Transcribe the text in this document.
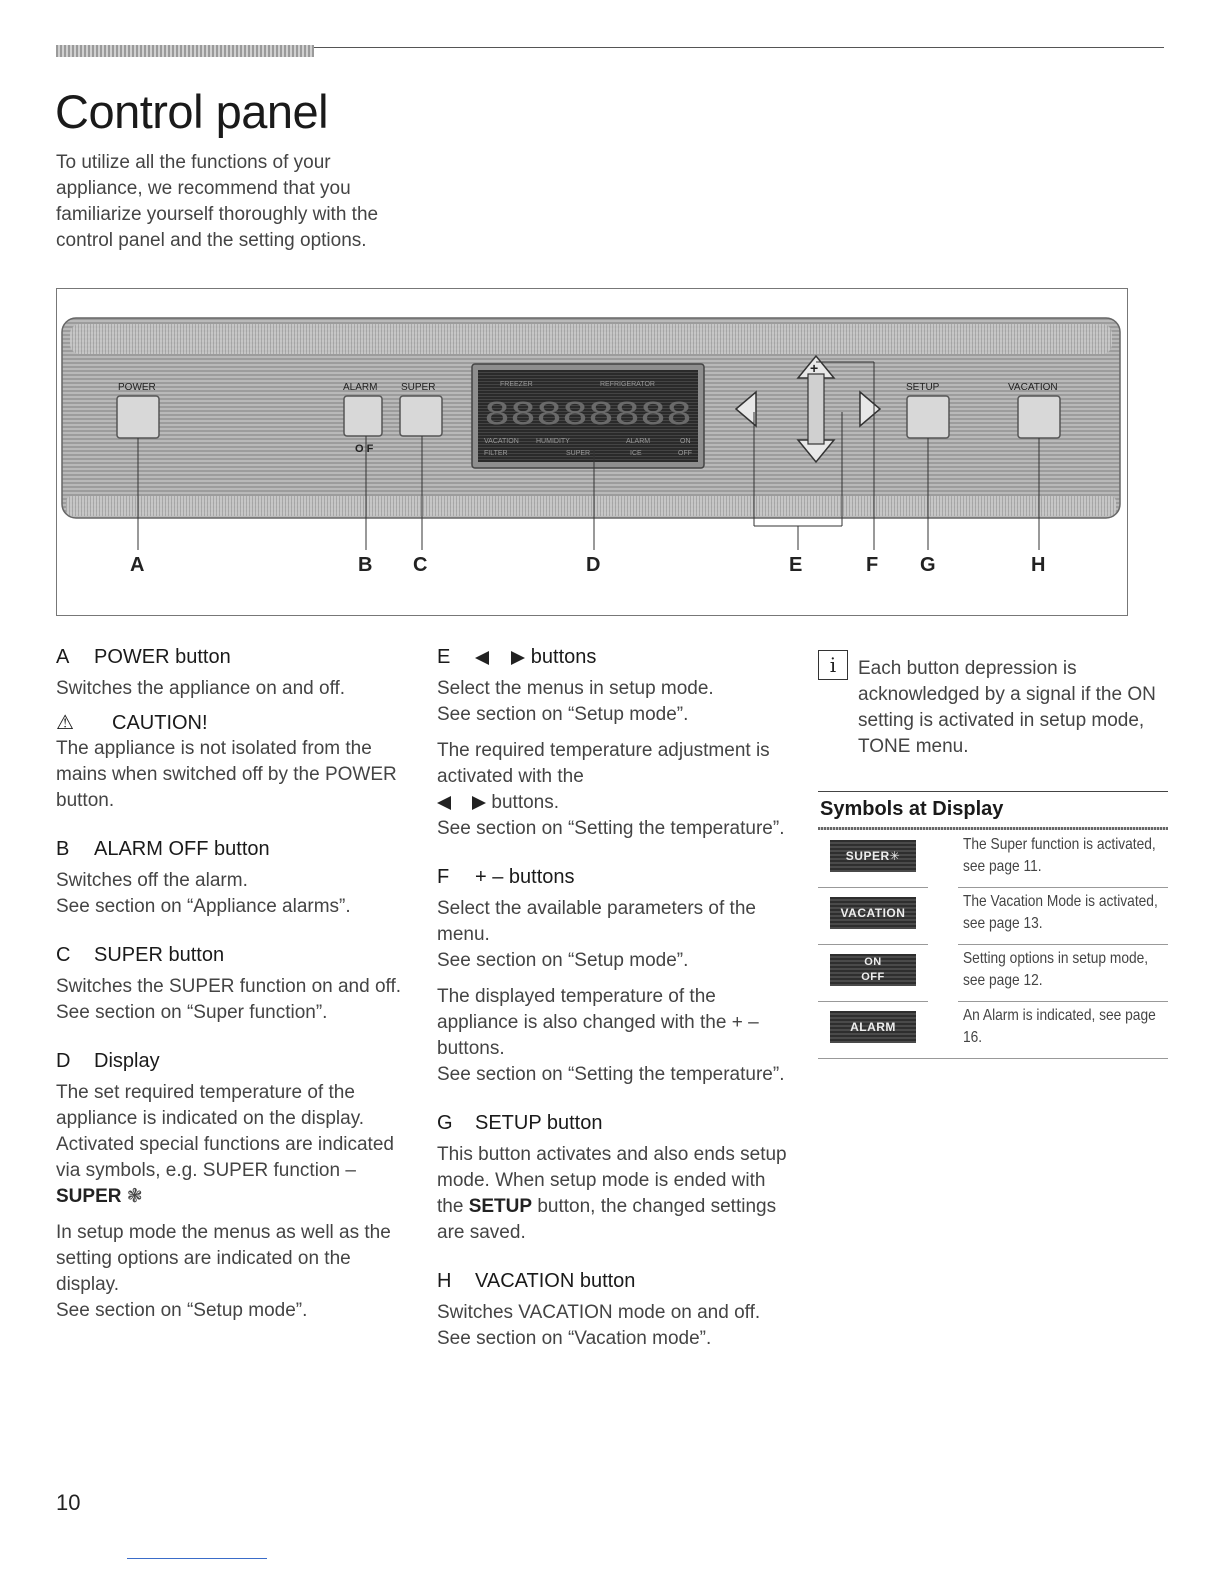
Control panel

To utilize all the functions of your appliance, we recommend that you familiarize yourself thoroughly with the control panel and the setting options.

POWER	ALARM SUPER	SETUP	VACATION
O F
FREEZER	REFRIGERATOR
88888888
VACATION HUMIDITY	ALARM	ON
FILTER	SUPER	ICE	OFF
+
A	B C	D	E	F G	H
A POWER button

Switches the appliance on and off.

⚠ CAUTION!

The appliance is not isolated from the mains when switched off by the POWER button.

B ALARM OFF button

Switches off the alarm.

See section on “Appliance alarms”.

C SUPER button

Switches the SUPER function on and off.

See section on “Super function”.

D Display

The set required temperature of the appliance is indicated on the display. Activated special functions are indicated via symbols, e.g. SUPER function – SUPER ❃

In setup mode the menus as well as the setting options are indicated on the display.

See section on “Setup mode”.

E	buttons

Select the menus in setup mode.

See section on “Setup mode”.

The required temperature adjustment is activated with the

buttons.

See section on “Setting the temperature”.

F + – buttons

Select the available parameters of the menu.

See section on “Setup mode”.

The displayed temperature of the appliance is also changed with the + – buttons.

See section on “Setting the temperature”.

G SETUP button

This button activates and also ends setup mode. When setup mode is ended with the SETUP button, the changed settings are saved.

H VACATION button

Switches VACATION mode on and off.

See section on “Vacation mode”.

i	Each button depression is acknowledged by a signal if the ON setting is activated in setup mode, TONE menu.

Symbols at Display
SUPER✳
The Super function is activated, see page 11.
VACATION
The Vacation Mode is activated, see page 13.
ON
OFF
Setting options in setup mode, see page 12.
ALARM
An Alarm is indicated, see page 16.

10
